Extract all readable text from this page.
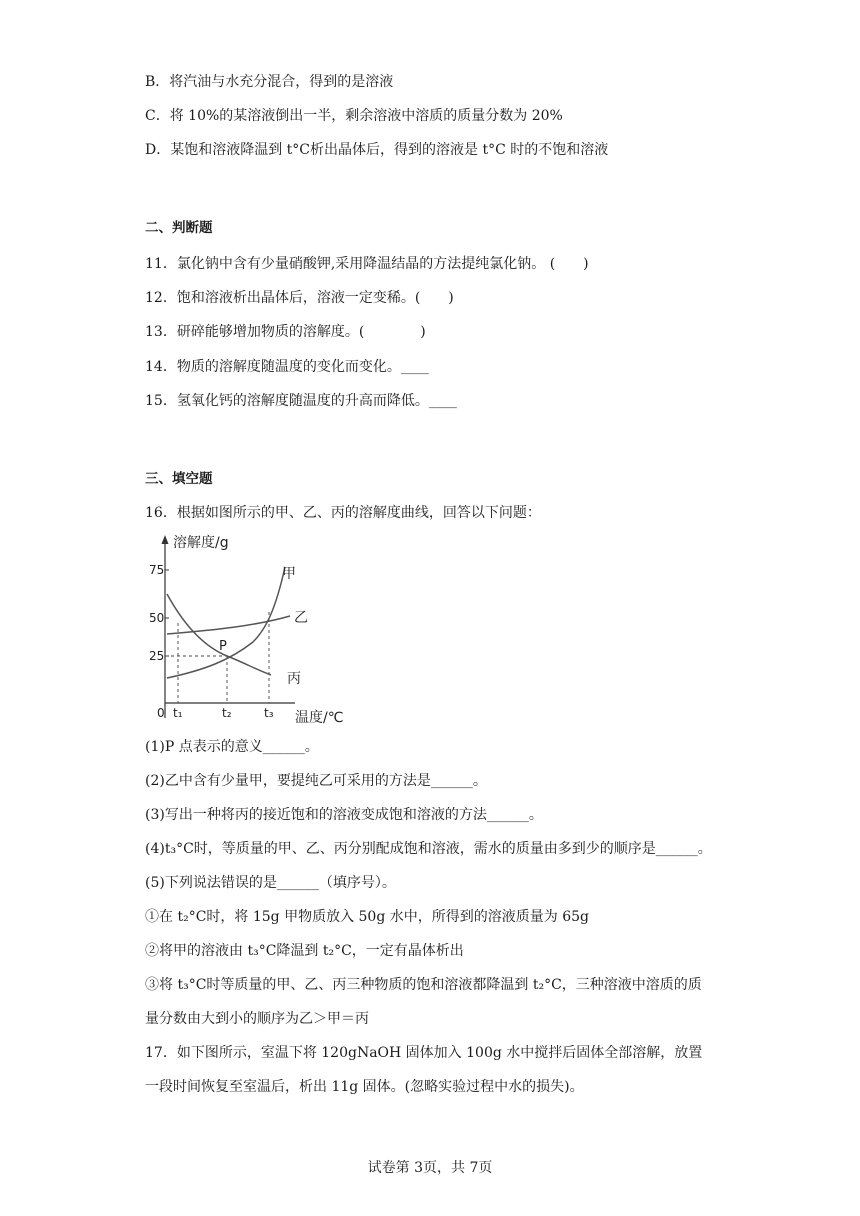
B．将汽油与水充分混合，得到的是溶液
C．将 10%的某溶液倒出一半，剩余溶液中溶质的质量分数为 20%
D．某饱和溶液降温到 t°C析出晶体后，得到的溶液是 t°C 时的不饱和溶液
二、判断题
11．氯化钠中含有少量硝酸钾,采用降温结晶的方法提纯氯化钠。 (　　)
12．饱和溶液析出晶体后，溶液一定变稀。(　　)
13．研碎能够增加物质的溶解度。(　　　　)
14．物质的溶解度随温度的变化而变化。____
15．氢氧化钙的溶解度随温度的升高而降低。____
三、填空题
16．根据如图所示的甲、乙、丙的溶解度曲线，回答以下问题：
溶解度/g
75
50
25
0 t₁	t₂	t₃ 温度/℃
P
甲
乙
丙
(1)P 点表示的意义______。
(2)乙中含有少量甲，要提纯乙可采用的方法是______。
(3)写出一种将丙的接近饱和的溶液变成饱和溶液的方法______。
(4)t₃°C时，等质量的甲、乙、丙分别配成饱和溶液，需水的质量由多到少的顺序是______。
(5)下列说法错误的是______（填序号）。
①在 t₂°C时，将 15g 甲物质放入 50g 水中，所得到的溶液质量为 65g
②将甲的溶液由 t₃°C降温到 t₂°C，一定有晶体析出
③将 t₃°C时等质量的甲、乙、丙三种物质的饱和溶液都降温到 t₂°C，三种溶液中溶质的质量分数由大到小的顺序为乙＞甲＝丙
17．如下图所示，室温下将 120gNaOH 固体加入 100g 水中搅拌后固体全部溶解，放置一段时间恢复至室温后，析出 11g 固体。(忽略实验过程中水的损失)。
试卷第 3页，共 7页
